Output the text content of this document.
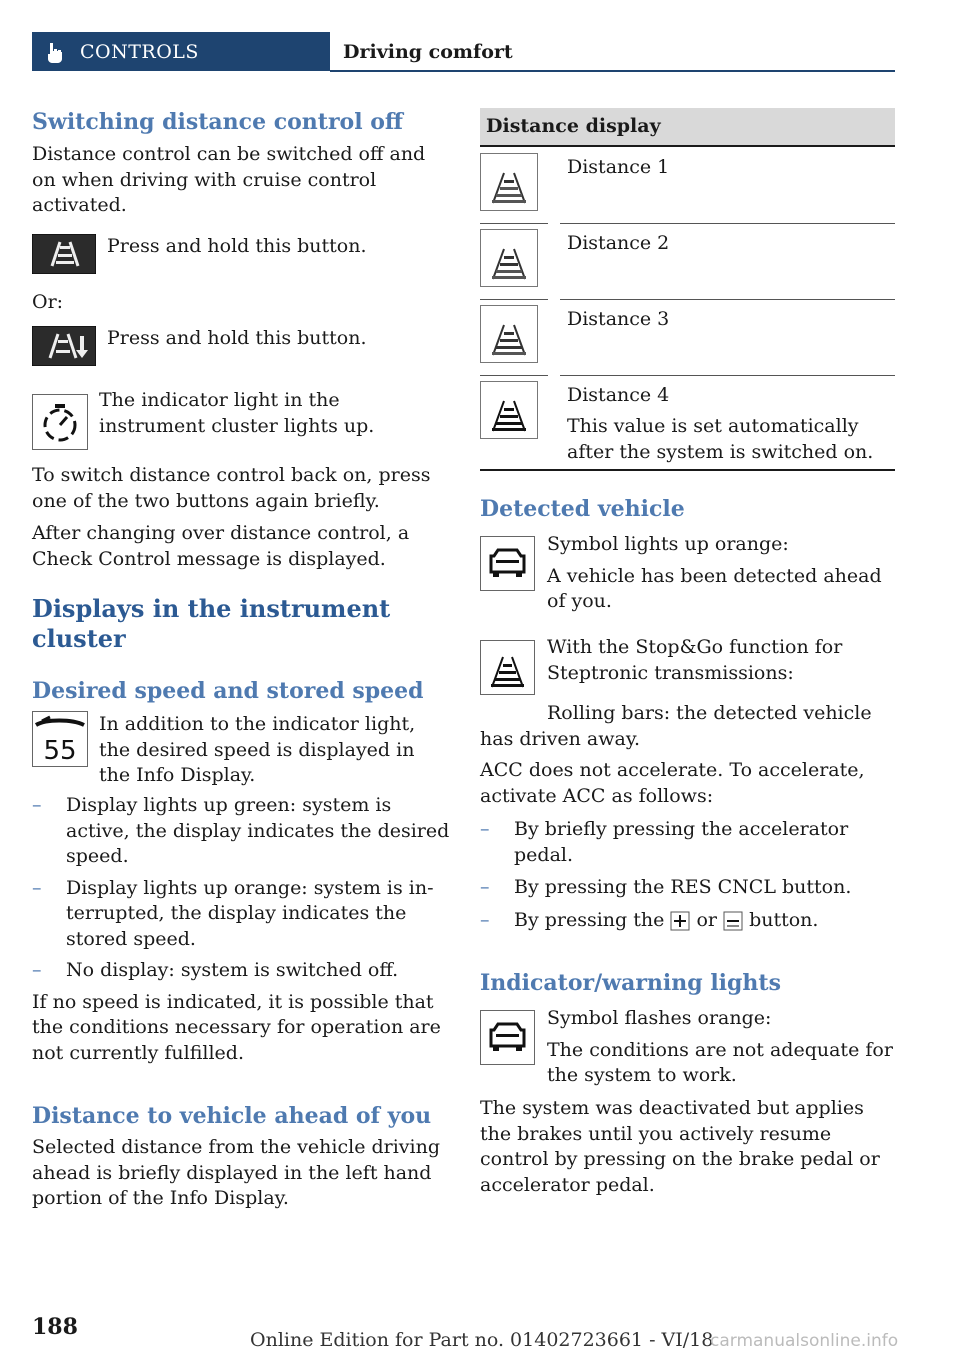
CONTROLS	Driving comfort
Switching distance control off

Distance control can be switched off and on when driving with cruise control activated.

Press and hold this button.

Or:

Press and hold this button.

The indicator light in the instrument cluster lights up.

To switch distance control back on, press one of the two buttons again briefly.

After changing over distance control, a Check Control message is displayed.

Displays in the instrument cluster
Desired speed and stored speed
55

In addition to the indicator light, the desired speed is displayed in the Info Display.

– Display lights up green: system is active, the display indicates the desired speed.
– Display lights up orange: system is interrupted, the display indicates the stored speed.
– No display: system is switched off.

If no speed is indicated, it is possible that the conditions necessary for operation are not currently fulfilled.

Distance to vehicle ahead of you

Selected distance from the vehicle driving ahead is briefly displayed in the left hand portion of the Info Display.

Distance display

Distance 1

Distance 2

Distance 3

Distance 4

This value is set automatically after the system is switched on.

Detected vehicle

Symbol lights up orange:

A vehicle has been detected ahead of you.

With the Stop&Go function for Steptronic transmissions:

Rolling bars: the detected vehicle has driven away.

ACC does not accelerate. To accelerate, activate ACC as follows:

– By briefly pressing the accelerator pedal.
– By pressing the RES CNCL button.
– By pressing the or button.
Indicator/warning lights

Symbol flashes orange:

The conditions are not adequate for the system to work.

The system was deactivated but applies the brakes until you actively resume control by pressing on the brake pedal or accelerator pedal.

188	Online Edition for Part no. 01402723661 - VI/18
carmanualsonline.info
